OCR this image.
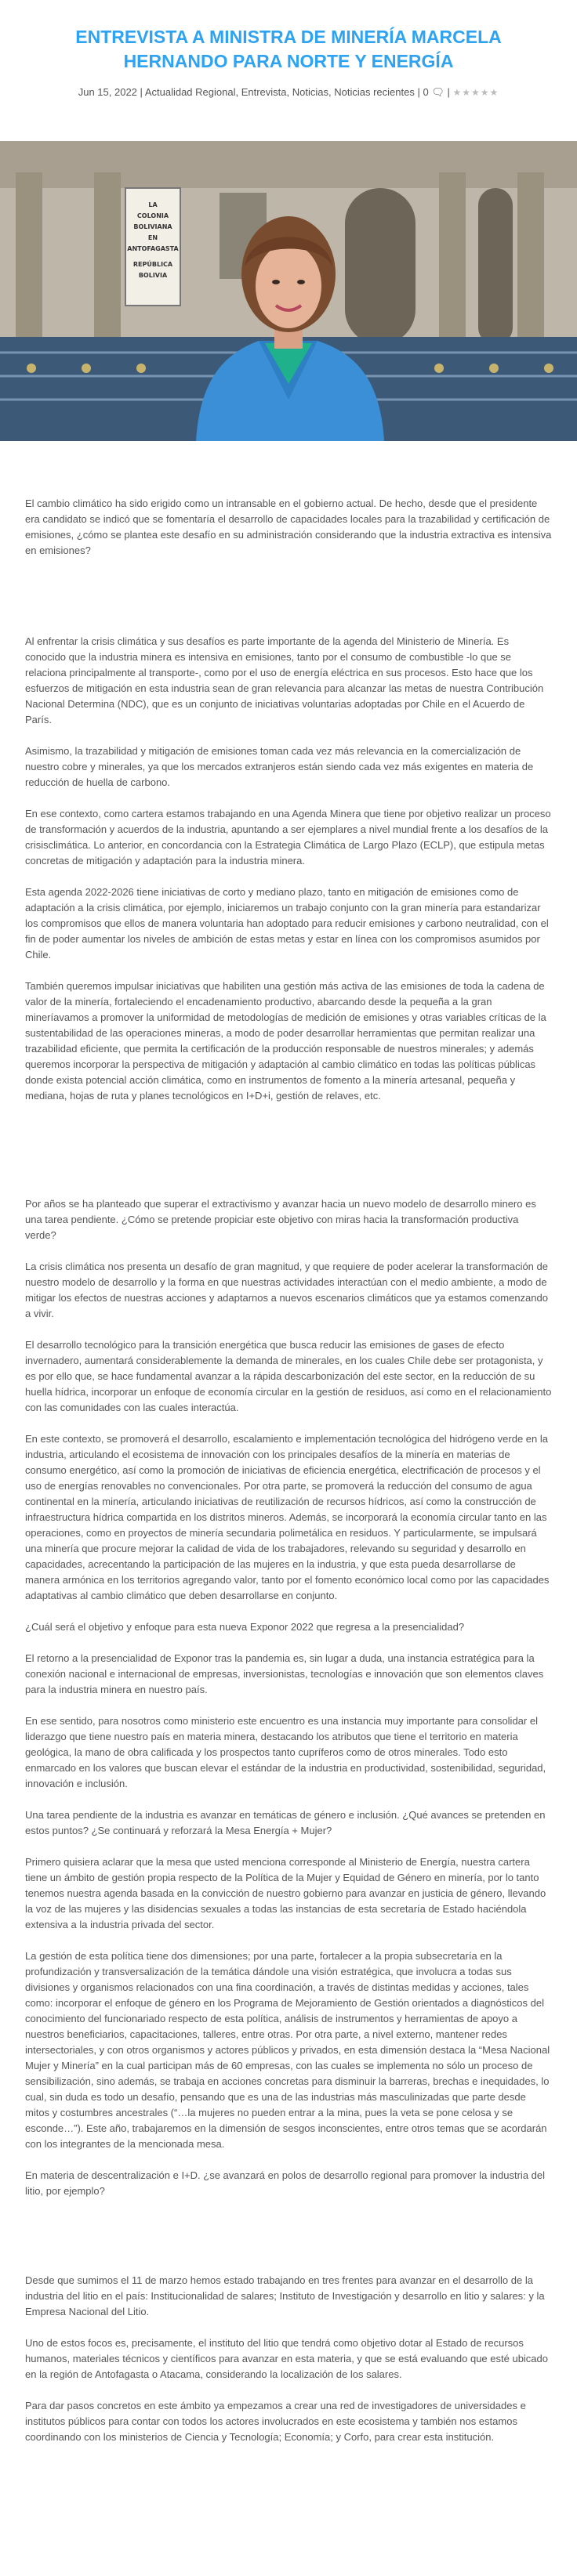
ENTREVISTA A MINISTRA DE MINERÍA MARCELA HERNANDO PARA NORTE Y ENERGÍA
Jun 15, 2022 | Actualidad Regional, Entrevista, Noticias, Noticias recientes | 0 🗨 | ★★★★★
LA
COLONIA
BOLIVIANA
EN
ANTOFAGASTA
REPÚBLICA
BOLIVIA

El cambio climático ha sido erigido como un intransable en el gobierno actual. De hecho, desde que el presidente era candidato se indicó que se fomentaría el desarrollo de capacidades locales para la trazabilidad y certificación de emisiones, ¿cómo se plantea este desafío en su administración considerando que la industria extractiva es intensiva en emisiones?

Al enfrentar la crisis climática y sus desafíos es parte importante de la agenda del Ministerio de Minería. Es conocido que la industria minera es intensiva en emisiones, tanto por el consumo de combustible -lo que se relaciona principalmente al transporte-, como por el uso de energía eléctrica en sus procesos. Esto hace que los esfuerzos de mitigación en esta industria sean de gran relevancia para alcanzar las metas de nuestra Contribución Nacional Determina (NDC), que es un conjunto de iniciativas voluntarias adoptadas por Chile en el Acuerdo de París.

Asimismo, la trazabilidad y mitigación de emisiones toman cada vez más relevancia en la comercialización de nuestro cobre y minerales, ya que los mercados extranjeros están siendo cada vez más exigentes en materia de reducción de huella de carbono.

En ese contexto, como cartera estamos trabajando en una Agenda Minera que tiene por objetivo realizar un proceso de transformación y acuerdos de la industria, apuntando a ser ejemplares a nivel mundial frente a los desafíos de la crisisclimática. Lo anterior, en concordancia con la Estrategia Climática de Largo Plazo (ECLP), que estipula metas concretas de mitigación y adaptación para la industria minera.

Esta agenda 2022-2026 tiene iniciativas de corto y mediano plazo, tanto en mitigación de emisiones como de adaptación a la crisis climática, por ejemplo, iniciaremos un trabajo conjunto con la gran minería para estandarizar los compromisos que ellos de manera voluntaria han adoptado para reducir emisiones y carbono neutralidad, con el fin de poder aumentar los niveles de ambición de estas metas y estar en línea con los compromisos asumidos por Chile.

También queremos impulsar iniciativas que habiliten una gestión más activa de las emisiones de toda la cadena de valor de la minería, fortaleciendo el encadenamiento productivo, abarcando desde la pequeña a la gran mineríavamos a promover la uniformidad de metodologías de medición de emisiones y otras variables críticas de la sustentabilidad de las operaciones mineras, a modo de poder desarrollar herramientas que permitan realizar una trazabilidad eficiente, que permita la certificación de la producción responsable de nuestros minerales; y además queremos incorporar la perspectiva de mitigación y adaptación al cambio climático en todas las políticas públicas donde exista potencial acción climática, como en instrumentos de fomento a la minería artesanal, pequeña y mediana, hojas de ruta y planes tecnológicos en I+D+i, gestión de relaves, etc.

Por años se ha planteado que superar el extractivismo y avanzar hacia un nuevo modelo de desarrollo minero es una tarea pendiente. ¿Cómo se pretende propiciar este objetivo con miras hacia la transformación productiva verde?

La crisis climática nos presenta un desafío de gran magnitud, y que requiere de poder acelerar la transformación de nuestro modelo de desarrollo y la forma en que nuestras actividades interactúan con el medio ambiente, a modo de mitigar los efectos de nuestras acciones y adaptarnos a nuevos escenarios climáticos que ya estamos comenzando a vivir.

El desarrollo tecnológico para la transición energética que busca reducir las emisiones de gases de efecto invernadero, aumentará considerablemente la demanda de minerales, en los cuales Chile debe ser protagonista, y es por ello que, se hace fundamental avanzar a la rápida descarbonización del este sector, en la reducción de su huella hídrica, incorporar un enfoque de economía circular en la gestión de residuos, así como en el relacionamiento con las comunidades con las cuales interactúa.

En este contexto, se promoverá el desarrollo, escalamiento e implementación tecnológica del hidrógeno verde en la industria, articulando el ecosistema de innovación con los principales desafíos de la minería en materias de consumo energético, así como la promoción de iniciativas de eficiencia energética, electrificación de procesos y el uso de energías renovables no convencionales. Por otra parte, se promoverá la reducción del consumo de agua continental en la minería, articulando iniciativas de reutilización de recursos hídricos, así como la construcción de infraestructura hídrica compartida en los distritos mineros. Además, se incorporará la economía circular tanto en las operaciones, como en proyectos de minería secundaria polimetálica en residuos. Y particularmente, se impulsará una minería que procure mejorar la calidad de vida de los trabajadores, relevando su seguridad y desarrollo en capacidades, acrecentando la participación de las mujeres en la industria, y que esta pueda desarrollarse de manera armónica en los territorios agregando valor, tanto por el fomento económico local como por las capacidades adaptativas al cambio climático que deben desarrollarse en conjunto.

¿Cuál será el objetivo y enfoque para esta nueva Exponor 2022 que regresa a la presencialidad?

El retorno a la presencialidad de Exponor tras la pandemia es, sin lugar a duda, una instancia estratégica para la conexión nacional e internacional de empresas, inversionistas, tecnologías e innovación que son elementos claves para la industria minera en nuestro país.

En ese sentido, para nosotros como ministerio este encuentro es una instancia muy importante para consolidar el liderazgo que tiene nuestro país en materia minera, destacando los atributos que tiene el territorio en materia geológica, la mano de obra calificada y los prospectos tanto cupríferos como de otros minerales. Todo esto enmarcado en los valores que buscan elevar el estándar de la industria en productividad, sostenibilidad, seguridad, innovación e inclusión.

Una tarea pendiente de la industria es avanzar en temáticas de género e inclusión. ¿Qué avances se pretenden en estos puntos? ¿Se continuará y reforzará la Mesa Energía + Mujer?

Primero quisiera aclarar que la mesa que usted menciona corresponde al Ministerio de Energía, nuestra cartera tiene un ámbito de gestión propia respecto de la Política de la Mujer y Equidad de Género en minería, por lo tanto tenemos nuestra agenda basada en la convicción de nuestro gobierno para avanzar en justicia de género, llevando la voz de las mujeres y las disidencias sexuales a todas las instancias de esta secretaría de Estado haciéndola extensiva a la industria privada del sector.

La gestión de esta política tiene dos dimensiones; por una parte, fortalecer a la propia subsecretaría en la profundización y transversalización de la temática dándole una visión estratégica, que involucra a todas sus divisiones y organismos relacionados con una fina coordinación, a través de distintas medidas y acciones, tales como: incorporar el enfoque de género en los Programa de Mejoramiento de Gestión orientados a diagnósticos del conocimiento del funcionariado respecto de esta política, análisis de instrumentos y herramientas de apoyo a nuestros beneficiarios, capacitaciones, talleres, entre otras. Por otra parte, a nivel externo, mantener redes intersectoriales, y con otros organismos y actores públicos y privados, en esta dimensión destaca la “Mesa Nacional Mujer y Minería” en la cual participan más de 60 empresas, con las cuales se implementa no sólo un proceso de sensibilización, sino además, se trabaja en acciones concretas para disminuir la barreras, brechas e inequidades, lo cual, sin duda es todo un desafío, pensando que es una de las industrias más masculinizadas que parte desde mitos y costumbres ancestrales (“…la mujeres no pueden entrar a la mina, pues la veta se pone celosa y se esconde…”). Este año, trabajaremos en la dimensión de sesgos inconscientes, entre otros temas que se acordarán con los integrantes de la mencionada mesa.

En materia de descentralización e I+D. ¿se avanzará en polos de desarrollo regional para promover la industria del litio, por ejemplo?

Desde que sumimos el 11 de marzo hemos estado trabajando en tres frentes para avanzar en el desarrollo de la industria del litio en el país: Institucionalidad de salares; Instituto de Investigación y desarrollo en litio y salares: y la Empresa Nacional del Litio.

Uno de estos focos es, precisamente, el instituto del litio que tendrá como objetivo dotar al Estado de recursos humanos, materiales técnicos y científicos para avanzar en esta materia, y que se está evaluando que esté ubicado en la región de Antofagasta o Atacama, considerando la localización de los salares.

Para dar pasos concretos en este ámbito ya empezamos a crear una red de investigadores de universidades e institutos públicos para contar con todos los actores involucrados en este ecosistema y también nos estamos coordinando con los ministerios de Ciencia y Tecnología; Economía; y Corfo, para crear esta institución.
